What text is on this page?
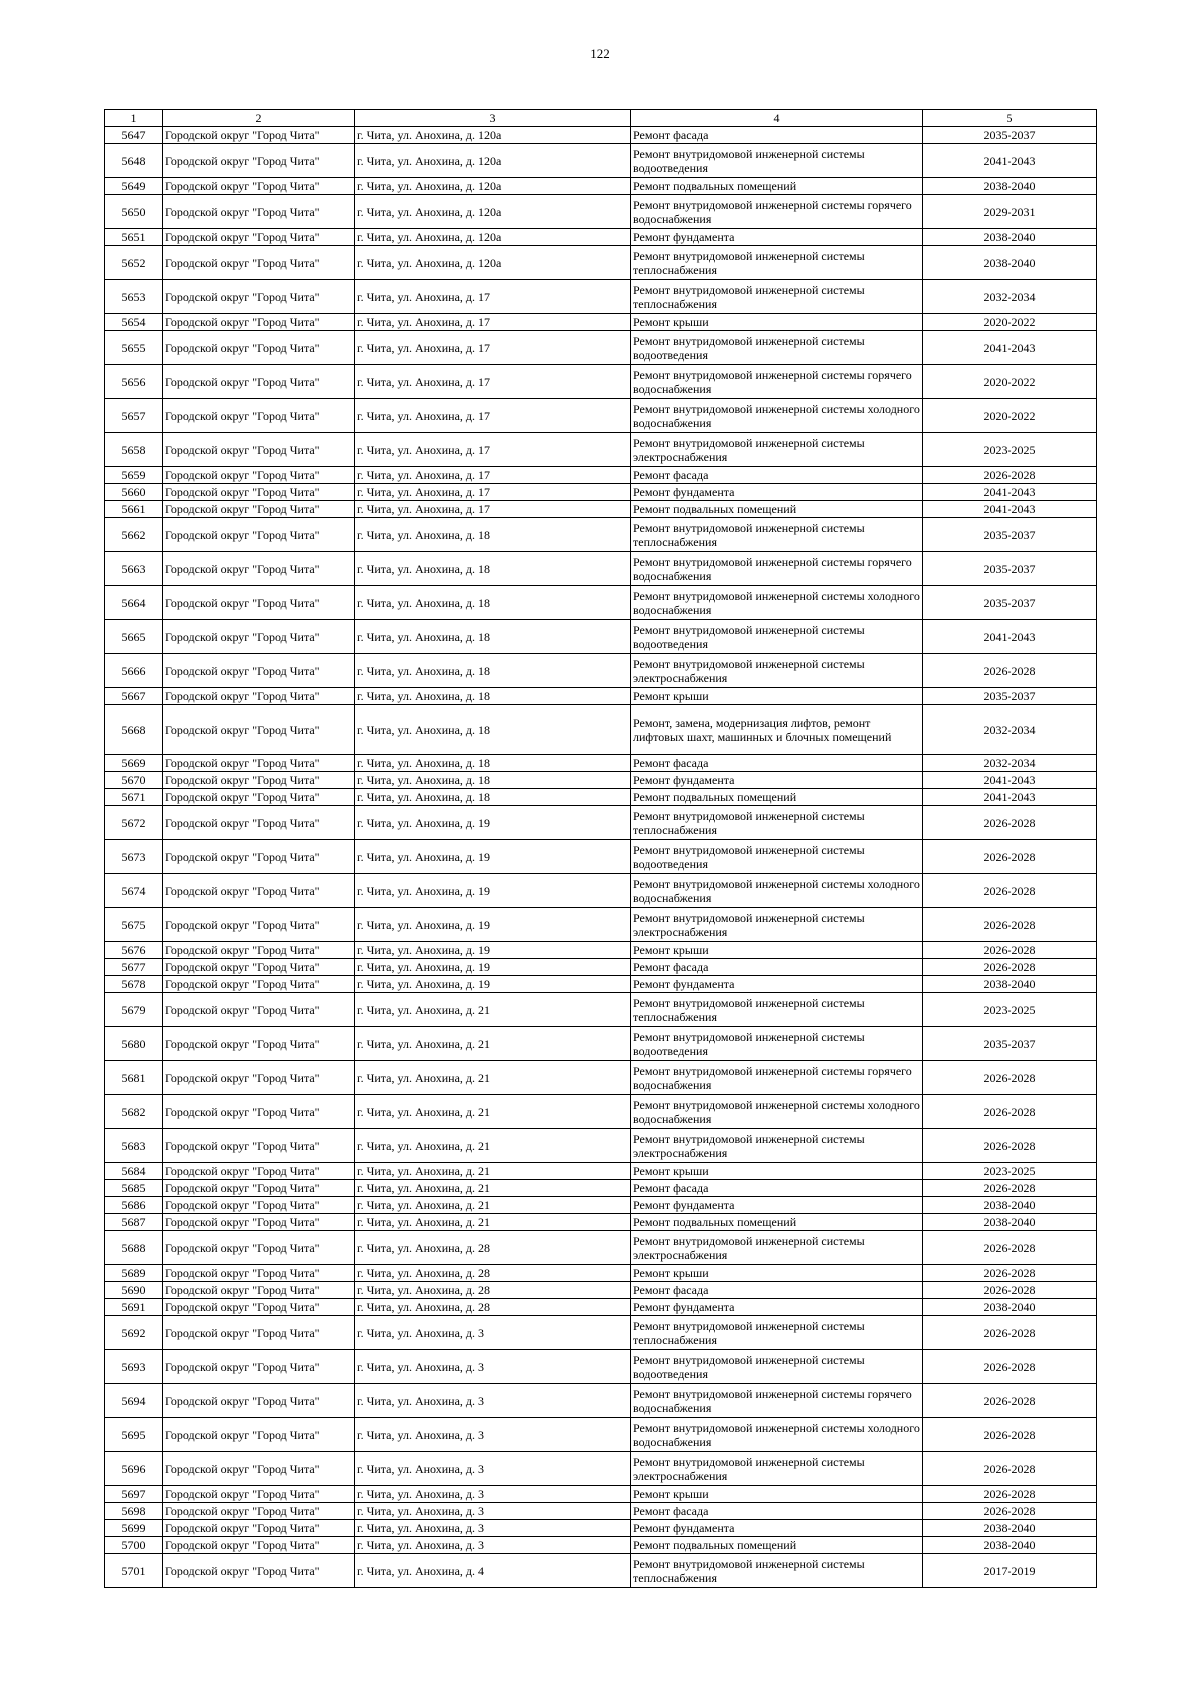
122
1	2	3	4	5
5647	Городской округ "Город Чита"	г. Чита, ул. Анохина, д. 120а	Ремонт фасада	2035-2037
5648	Городской округ "Город Чита"	г. Чита, ул. Анохина, д. 120а	Ремонт внутридомовой инженерной системы водоотведения	2041-2043
5649	Городской округ "Город Чита"	г. Чита, ул. Анохина, д. 120а	Ремонт подвальных помещений	2038-2040
5650	Городской округ "Город Чита"	г. Чита, ул. Анохина, д. 120а	Ремонт внутридомовой инженерной системы горячего водоснабжения	2029-2031
5651	Городской округ "Город Чита"	г. Чита, ул. Анохина, д. 120а	Ремонт фундамента	2038-2040
5652	Городской округ "Город Чита"	г. Чита, ул. Анохина, д. 120а	Ремонт внутридомовой инженерной системы теплоснабжения	2038-2040
5653	Городской округ "Город Чита"	г. Чита, ул. Анохина, д. 17	Ремонт внутридомовой инженерной системы теплоснабжения	2032-2034
5654	Городской округ "Город Чита"	г. Чита, ул. Анохина, д. 17	Ремонт крыши	2020-2022
5655	Городской округ "Город Чита"	г. Чита, ул. Анохина, д. 17	Ремонт внутридомовой инженерной системы водоотведения	2041-2043
5656	Городской округ "Город Чита"	г. Чита, ул. Анохина, д. 17	Ремонт внутридомовой инженерной системы горячего водоснабжения	2020-2022
5657	Городской округ "Город Чита"	г. Чита, ул. Анохина, д. 17	Ремонт внутридомовой инженерной системы холодного водоснабжения	2020-2022
5658	Городской округ "Город Чита"	г. Чита, ул. Анохина, д. 17	Ремонт внутридомовой инженерной системы электроснабжения	2023-2025
5659	Городской округ "Город Чита"	г. Чита, ул. Анохина, д. 17	Ремонт фасада	2026-2028
5660	Городской округ "Город Чита"	г. Чита, ул. Анохина, д. 17	Ремонт фундамента	2041-2043
5661	Городской округ "Город Чита"	г. Чита, ул. Анохина, д. 17	Ремонт подвальных помещений	2041-2043
5662	Городской округ "Город Чита"	г. Чита, ул. Анохина, д. 18	Ремонт внутридомовой инженерной системы теплоснабжения	2035-2037
5663	Городской округ "Город Чита"	г. Чита, ул. Анохина, д. 18	Ремонт внутридомовой инженерной системы горячего водоснабжения	2035-2037
5664	Городской округ "Город Чита"	г. Чита, ул. Анохина, д. 18	Ремонт внутридомовой инженерной системы холодного водоснабжения	2035-2037
5665	Городской округ "Город Чита"	г. Чита, ул. Анохина, д. 18	Ремонт внутридомовой инженерной системы водоотведения	2041-2043
5666	Городской округ "Город Чита"	г. Чита, ул. Анохина, д. 18	Ремонт внутридомовой инженерной системы электроснабжения	2026-2028
5667	Городской округ "Город Чита"	г. Чита, ул. Анохина, д. 18	Ремонт крыши	2035-2037
5668	Городской округ "Город Чита"	г. Чита, ул. Анохина, д. 18	Ремонт, замена, модернизация лифтов, ремонт лифтовых шахт, машинных и блочных помещений	2032-2034
5669	Городской округ "Город Чита"	г. Чита, ул. Анохина, д. 18	Ремонт фасада	2032-2034
5670	Городской округ "Город Чита"	г. Чита, ул. Анохина, д. 18	Ремонт фундамента	2041-2043
5671	Городской округ "Город Чита"	г. Чита, ул. Анохина, д. 18	Ремонт подвальных помещений	2041-2043
5672	Городской округ "Город Чита"	г. Чита, ул. Анохина, д. 19	Ремонт внутридомовой инженерной системы теплоснабжения	2026-2028
5673	Городской округ "Город Чита"	г. Чита, ул. Анохина, д. 19	Ремонт внутридомовой инженерной системы водоотведения	2026-2028
5674	Городской округ "Город Чита"	г. Чита, ул. Анохина, д. 19	Ремонт внутридомовой инженерной системы холодного водоснабжения	2026-2028
5675	Городской округ "Город Чита"	г. Чита, ул. Анохина, д. 19	Ремонт внутридомовой инженерной системы электроснабжения	2026-2028
5676	Городской округ "Город Чита"	г. Чита, ул. Анохина, д. 19	Ремонт крыши	2026-2028
5677	Городской округ "Город Чита"	г. Чита, ул. Анохина, д. 19	Ремонт фасада	2026-2028
5678	Городской округ "Город Чита"	г. Чита, ул. Анохина, д. 19	Ремонт фундамента	2038-2040
5679	Городской округ "Город Чита"	г. Чита, ул. Анохина, д. 21	Ремонт внутридомовой инженерной системы теплоснабжения	2023-2025
5680	Городской округ "Город Чита"	г. Чита, ул. Анохина, д. 21	Ремонт внутридомовой инженерной системы водоотведения	2035-2037
5681	Городской округ "Город Чита"	г. Чита, ул. Анохина, д. 21	Ремонт внутридомовой инженерной системы горячего водоснабжения	2026-2028
5682	Городской округ "Город Чита"	г. Чита, ул. Анохина, д. 21	Ремонт внутридомовой инженерной системы холодного водоснабжения	2026-2028
5683	Городской округ "Город Чита"	г. Чита, ул. Анохина, д. 21	Ремонт внутридомовой инженерной системы электроснабжения	2026-2028
5684	Городской округ "Город Чита"	г. Чита, ул. Анохина, д. 21	Ремонт крыши	2023-2025
5685	Городской округ "Город Чита"	г. Чита, ул. Анохина, д. 21	Ремонт фасада	2026-2028
5686	Городской округ "Город Чита"	г. Чита, ул. Анохина, д. 21	Ремонт фундамента	2038-2040
5687	Городской округ "Город Чита"	г. Чита, ул. Анохина, д. 21	Ремонт подвальных помещений	2038-2040
5688	Городской округ "Город Чита"	г. Чита, ул. Анохина, д. 28	Ремонт внутридомовой инженерной системы электроснабжения	2026-2028
5689	Городской округ "Город Чита"	г. Чита, ул. Анохина, д. 28	Ремонт крыши	2026-2028
5690	Городской округ "Город Чита"	г. Чита, ул. Анохина, д. 28	Ремонт фасада	2026-2028
5691	Городской округ "Город Чита"	г. Чита, ул. Анохина, д. 28	Ремонт фундамента	2038-2040
5692	Городской округ "Город Чита"	г. Чита, ул. Анохина, д. 3	Ремонт внутридомовой инженерной системы теплоснабжения	2026-2028
5693	Городской округ "Город Чита"	г. Чита, ул. Анохина, д. 3	Ремонт внутридомовой инженерной системы водоотведения	2026-2028
5694	Городской округ "Город Чита"	г. Чита, ул. Анохина, д. 3	Ремонт внутридомовой инженерной системы горячего водоснабжения	2026-2028
5695	Городской округ "Город Чита"	г. Чита, ул. Анохина, д. 3	Ремонт внутридомовой инженерной системы холодного водоснабжения	2026-2028
5696	Городской округ "Город Чита"	г. Чита, ул. Анохина, д. 3	Ремонт внутридомовой инженерной системы электроснабжения	2026-2028
5697	Городской округ "Город Чита"	г. Чита, ул. Анохина, д. 3	Ремонт крыши	2026-2028
5698	Городской округ "Город Чита"	г. Чита, ул. Анохина, д. 3	Ремонт фасада	2026-2028
5699	Городской округ "Город Чита"	г. Чита, ул. Анохина, д. 3	Ремонт фундамента	2038-2040
5700	Городской округ "Город Чита"	г. Чита, ул. Анохина, д. 3	Ремонт подвальных помещений	2038-2040
5701	Городской округ "Город Чита"	г. Чита, ул. Анохина, д. 4	Ремонт внутридомовой инженерной системы теплоснабжения	2017-2019
